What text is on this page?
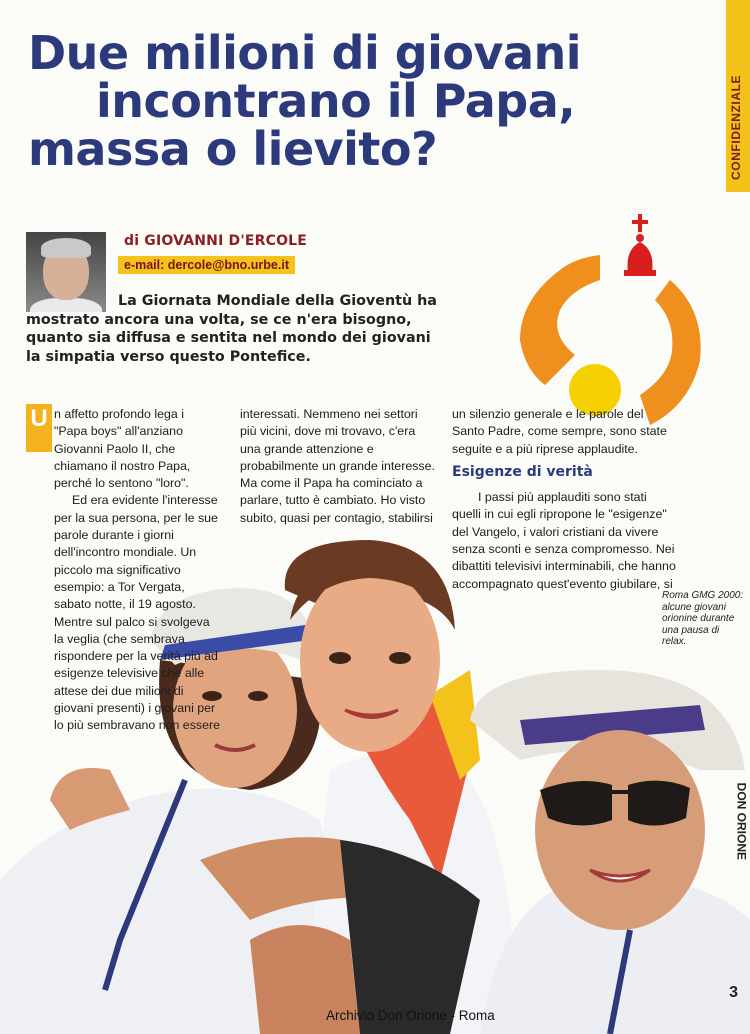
Due milioni di giovani
incontrano il Papa,
massa o lievito?	CONFIDENZIALE
di GIOVANNI D'ERCOLE
e-mail: dercole@bno.urbe.it
La Giornata Mondiale della Gioventù ha
mostrato ancora una volta, se ce n'era bisogno,
quanto sia diffusa e sentita nel mondo dei giovani
la simpatia verso questo Pontefice.
U n affetto profondo lega i "Papa boys" all'anziano Giovanni Paolo II, che chiamano il nostro Papa, perché lo sentono "loro".

Ed era evidente l'interesse per la sua persona, per le sue parole durante i giorni dell'incontro mondiale. Un piccolo ma significativo esempio: a Tor Vergata, sabato notte, il 19 agosto. Mentre sul palco si svolgeva la veglia (che sembrava rispondere per la verità più ad esigenze televisive che alle attese dei due milioni di giovani presenti) i giovani per lo più sembravano non essere

interessati. Nemmeno nei settori più vicini, dove mi trovavo, c'era una grande attenzione e probabilmente un grande interesse. Ma come il Papa ha cominciato a parlare, tutto è cambiato. Ho visto subito, quasi per contagio, stabilirsi

un silenzio generale e le parole del Santo Padre, come sempre, sono state seguite e a più riprese applaudite.

Esigenze di verità

I passi più applauditi sono stati quelli in cui egli ripropone le "esigenze" del Vangelo, i valori cristiani da vivere senza sconti e senza compromesso. Nei dibattiti televisivi interminabili, che hanno accompagnato quest'evento giubilare, si

Roma GMG 2000: alcune giovani orionine durante una pausa di relax.
DON ORIONE
3
Archivio Don Orione - Roma
